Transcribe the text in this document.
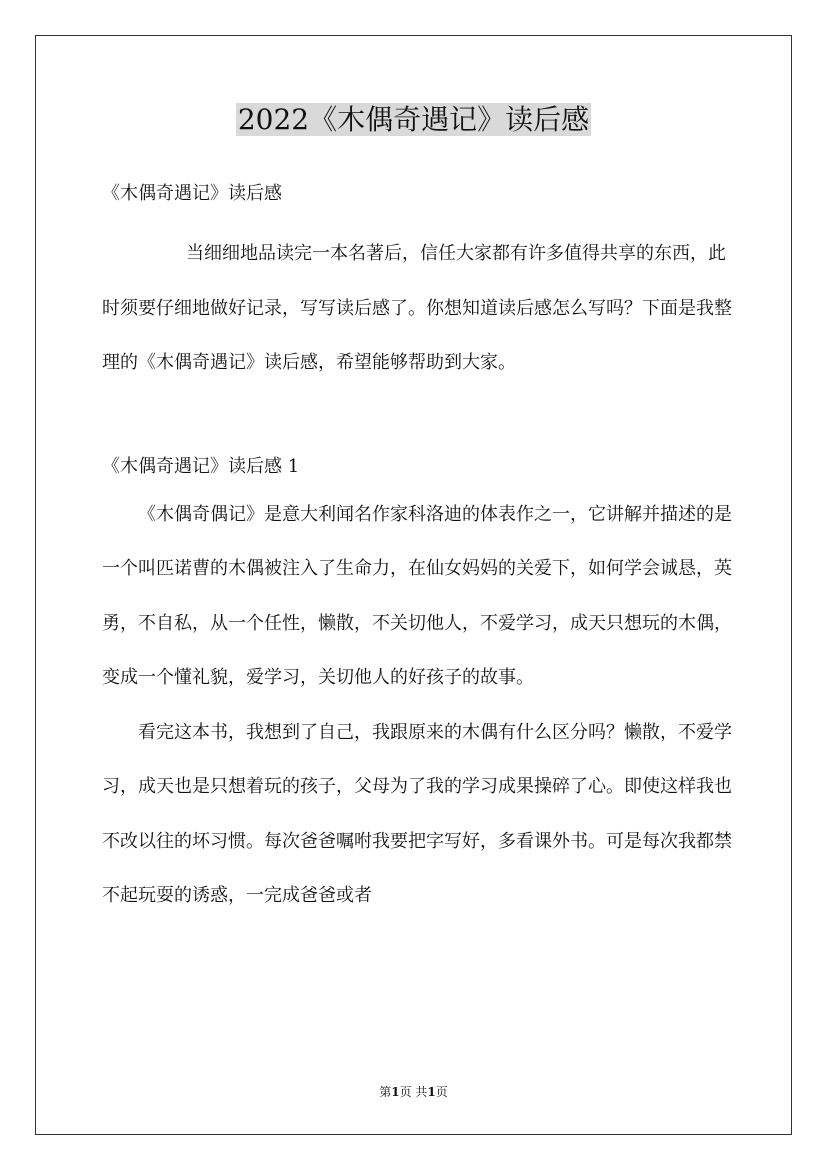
2022《木偶奇遇记》读后感

《木偶奇遇记》读后感

当细细地品读完一本名著后，信任大家都有许多值得共享的东西，此时须要仔细地做好记录，写写读后感了。你想知道读后感怎么写吗？下面是我整理的《木偶奇遇记》读后感，希望能够帮助到大家。

《木偶奇遇记》读后感 1

《木偶奇偶记》是意大利闻名作家科洛迪的体表作之一，它讲解并描述的是一个叫匹诺曹的木偶被注入了生命力，在仙女妈妈的关爱下，如何学会诚恳，英勇，不自私，从一个任性，懒散，不关切他人，不爱学习，成天只想玩的木偶，变成一个懂礼貌，爱学习，关切他人的好孩子的故事。

看完这本书，我想到了自己，我跟原来的木偶有什么区分吗？懒散，不爱学习，成天也是只想着玩的孩子，父母为了我的学习成果操碎了心。即使这样我也不改以往的坏习惯。每次爸爸嘱咐我要把字写好，多看课外书。可是每次我都禁不起玩耍的诱惑，一完成爸爸或者

第1页 共1页
